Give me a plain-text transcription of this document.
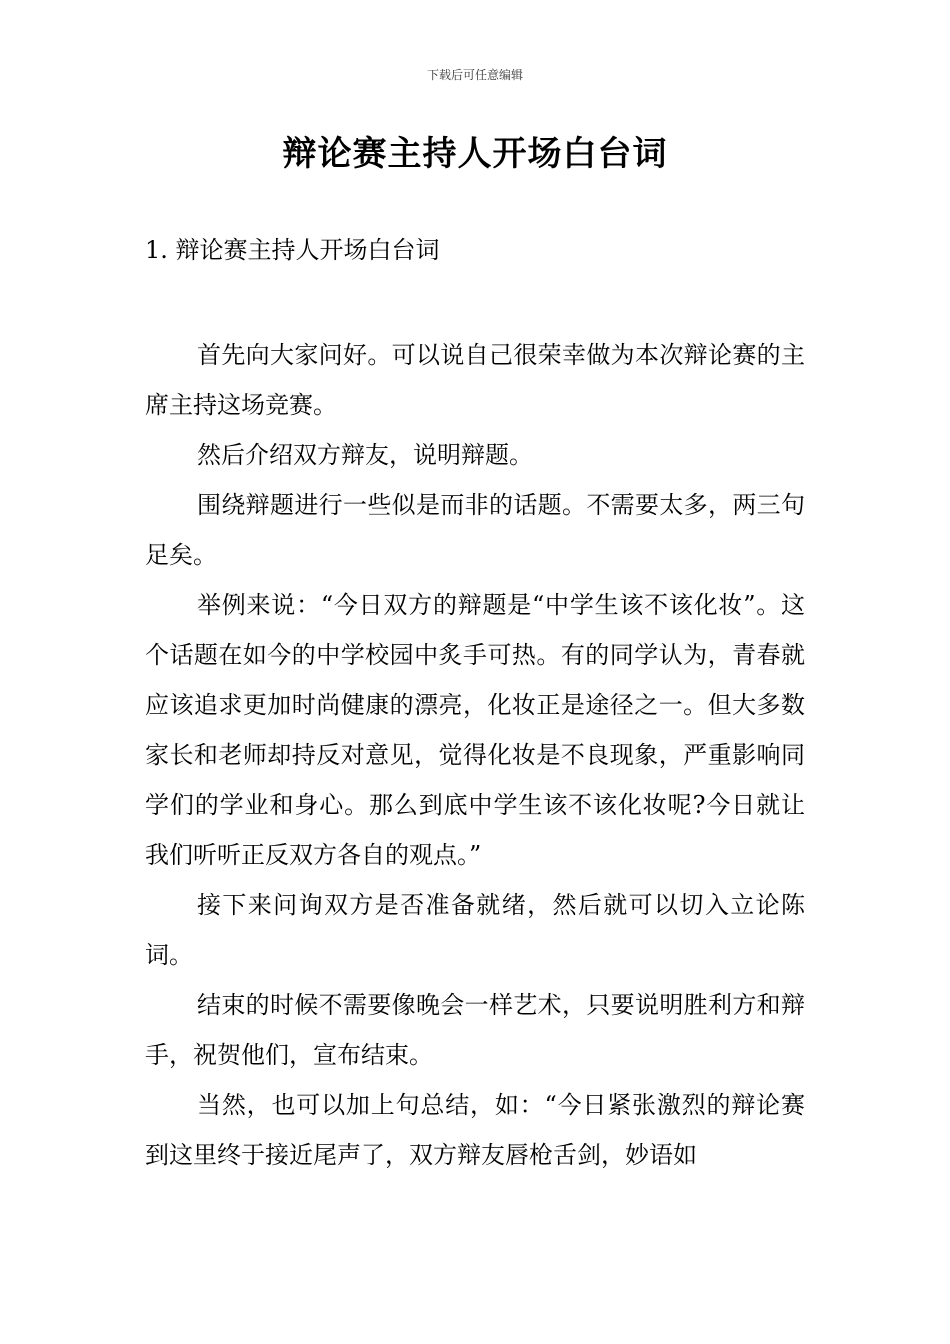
下载后可任意编辑
辩论赛主持人开场白台词
1. 辩论赛主持人开场白台词

首先向大家问好。可以说自己很荣幸做为本次辩论赛的主席主持这场竞赛。

然后介绍双方辩友，说明辩题。

围绕辩题进行一些似是而非的话题。不需要太多，两三句足矣。

举例来说：“今日双方的辩题是“中学生该不该化妆”。这个话题在如今的中学校园中炙手可热。有的同学认为，青春就应该追求更加时尚健康的漂亮，化妆正是途径之一。但大多数家长和老师却持反对意见，觉得化妆是不良现象，严重影响同学们的学业和身心。那么到底中学生该不该化妆呢?今日就让我们听听正反双方各自的观点。”

接下来问询双方是否准备就绪，然后就可以切入立论陈词。

结束的时候不需要像晚会一样艺术，只要说明胜利方和辩手，祝贺他们，宣布结束。

当然，也可以加上句总结，如：“今日紧张激烈的辩论赛到这里终于接近尾声了，双方辩友唇枪舌剑，妙语如
